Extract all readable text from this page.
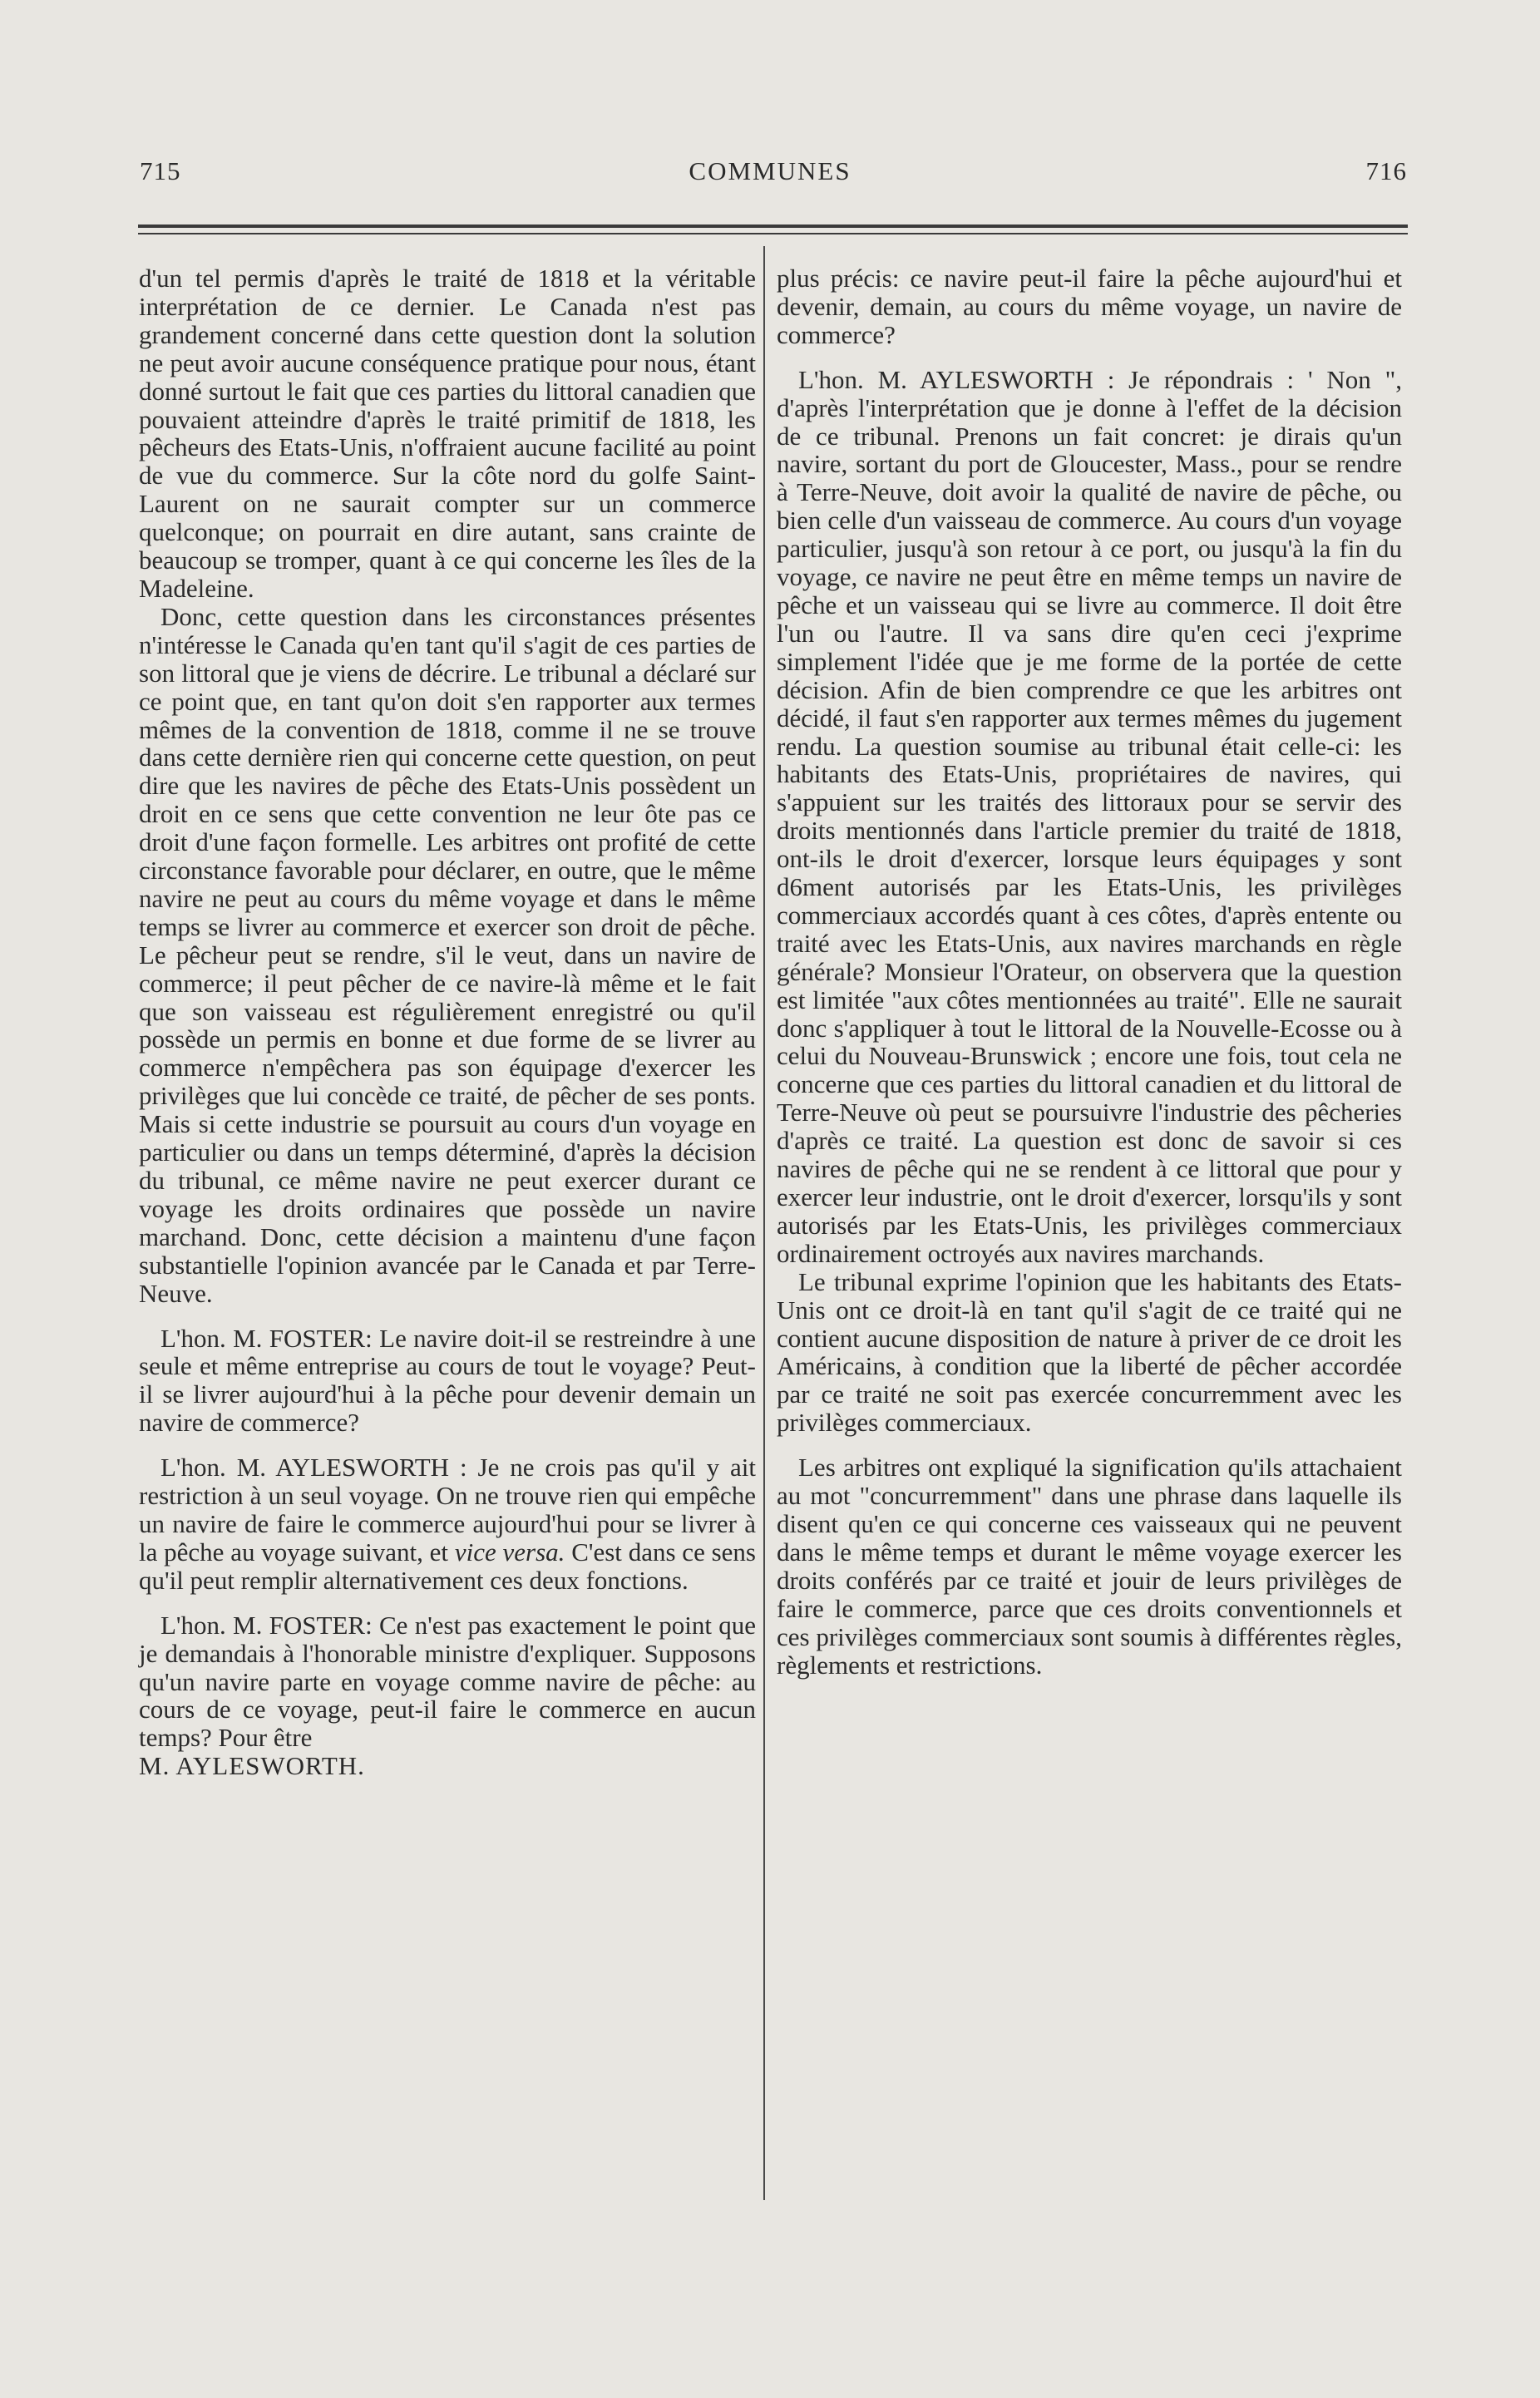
715	COMMUNES	716

d'un tel permis d'après le traité de 1818 et la véritable interprétation de ce dernier. Le Canada n'est pas grandement concerné dans cette question dont la solution ne peut avoir aucune conséquence pratique pour nous, étant donné surtout le fait que ces parties du littoral canadien que pouvaient atteindre d'après le traité primitif de 1818, les pêcheurs des Etats-Unis, n'offraient aucune facilité au point de vue du commerce. Sur la côte nord du golfe Saint-Laurent on ne saurait compter sur un commerce quelconque; on pourrait en dire autant, sans crainte de beaucoup se tromper, quant à ce qui concerne les îles de la Madeleine.

Donc, cette question dans les circonstances présentes n'intéresse le Canada qu'en tant qu'il s'agit de ces parties de son littoral que je viens de décrire. Le tribunal a déclaré sur ce point que, en tant qu'on doit s'en rapporter aux termes mêmes de la convention de 1818, comme il ne se trouve dans cette dernière rien qui concerne cette question, on peut dire que les navires de pêche des Etats-Unis possèdent un droit en ce sens que cette convention ne leur ôte pas ce droit d'une façon formelle. Les arbitres ont profité de cette circonstance favorable pour déclarer, en outre, que le même navire ne peut au cours du même voyage et dans le même temps se livrer au commerce et exercer son droit de pêche. Le pêcheur peut se rendre, s'il le veut, dans un navire de commerce; il peut pêcher de ce navire-là même et le fait que son vaisseau est régulièrement enregistré ou qu'il possède un permis en bonne et due forme de se livrer au commerce n'empêchera pas son équipage d'exercer les privilèges que lui concède ce traité, de pêcher de ses ponts. Mais si cette industrie se poursuit au cours d'un voyage en particulier ou dans un temps déterminé, d'après la décision du tribunal, ce même navire ne peut exercer durant ce voyage les droits ordinaires que possède un navire marchand. Donc, cette décision a maintenu d'une façon substantielle l'opinion avancée par le Canada et par Terre-Neuve.

L'hon. M. FOSTER: Le navire doit-il se restreindre à une seule et même entreprise au cours de tout le voyage? Peut-il se livrer aujourd'hui à la pêche pour devenir demain un navire de commerce?

L'hon. M. AYLESWORTH : Je ne crois pas qu'il y ait restriction à un seul voyage. On ne trouve rien qui empêche un navire de faire le commerce aujourd'hui pour se livrer à la pêche au voyage suivant, et vice versa. C'est dans ce sens qu'il peut remplir alternativement ces deux fonctions.

L'hon. M. FOSTER: Ce n'est pas exactement le point que je demandais à l'honorable ministre d'expliquer. Supposons qu'un navire parte en voyage comme navire de pêche: au cours de ce voyage, peut-il faire le commerce en aucun temps? Pour être

M. AYLESWORTH.

plus précis: ce navire peut-il faire la pêche aujourd'hui et devenir, demain, au cours du même voyage, un navire de commerce?

L'hon. M. AYLESWORTH : Je répondrais : ' Non ", d'après l'interprétation que je donne à l'effet de la décision de ce tribunal. Prenons un fait concret: je dirais qu'un navire, sortant du port de Gloucester, Mass., pour se rendre à Terre-Neuve, doit avoir la qualité de navire de pêche, ou bien celle d'un vaisseau de commerce. Au cours d'un voyage particulier, jusqu'à son retour à ce port, ou jusqu'à la fin du voyage, ce navire ne peut être en même temps un navire de pêche et un vaisseau qui se livre au commerce. Il doit être l'un ou l'autre. Il va sans dire qu'en ceci j'exprime simplement l'idée que je me forme de la portée de cette décision. Afin de bien comprendre ce que les arbitres ont décidé, il faut s'en rapporter aux termes mêmes du jugement rendu. La question soumise au tribunal était celle-ci: les habitants des Etats-Unis, propriétaires de navires, qui s'appuient sur les traités des littoraux pour se servir des droits mentionnés dans l'article premier du traité de 1818, ont-ils le droit d'exercer, lorsque leurs équipages y sont d6ment autorisés par les Etats-Unis, les privilèges commerciaux accordés quant à ces côtes, d'après entente ou traité avec les Etats-Unis, aux navires marchands en règle générale? Monsieur l'Orateur, on observera que la question est limitée "aux côtes mentionnées au traité". Elle ne saurait donc s'appliquer à tout le littoral de la Nouvelle-Ecosse ou à celui du Nouveau-Brunswick ; encore une fois, tout cela ne concerne que ces parties du littoral canadien et du littoral de Terre-Neuve où peut se poursuivre l'industrie des pêcheries d'après ce traité. La question est donc de savoir si ces navires de pêche qui ne se rendent à ce littoral que pour y exercer leur industrie, ont le droit d'exercer, lorsqu'ils y sont autorisés par les Etats-Unis, les privilèges commerciaux ordinairement octroyés aux navires marchands.

Le tribunal exprime l'opinion que les habitants des Etats-Unis ont ce droit-là en tant qu'il s'agit de ce traité qui ne contient aucune disposition de nature à priver de ce droit les Américains, à condition que la liberté de pêcher accordée par ce traité ne soit pas exercée concurremment avec les privilèges commerciaux.

Les arbitres ont expliqué la signification qu'ils attachaient au mot "concurremment" dans une phrase dans laquelle ils disent qu'en ce qui concerne ces vaisseaux qui ne peuvent dans le même temps et durant le même voyage exercer les droits conférés par ce traité et jouir de leurs privilèges de faire le commerce, parce que ces droits conventionnels et ces privilèges commerciaux sont soumis à différentes règles, règlements et restrictions.
